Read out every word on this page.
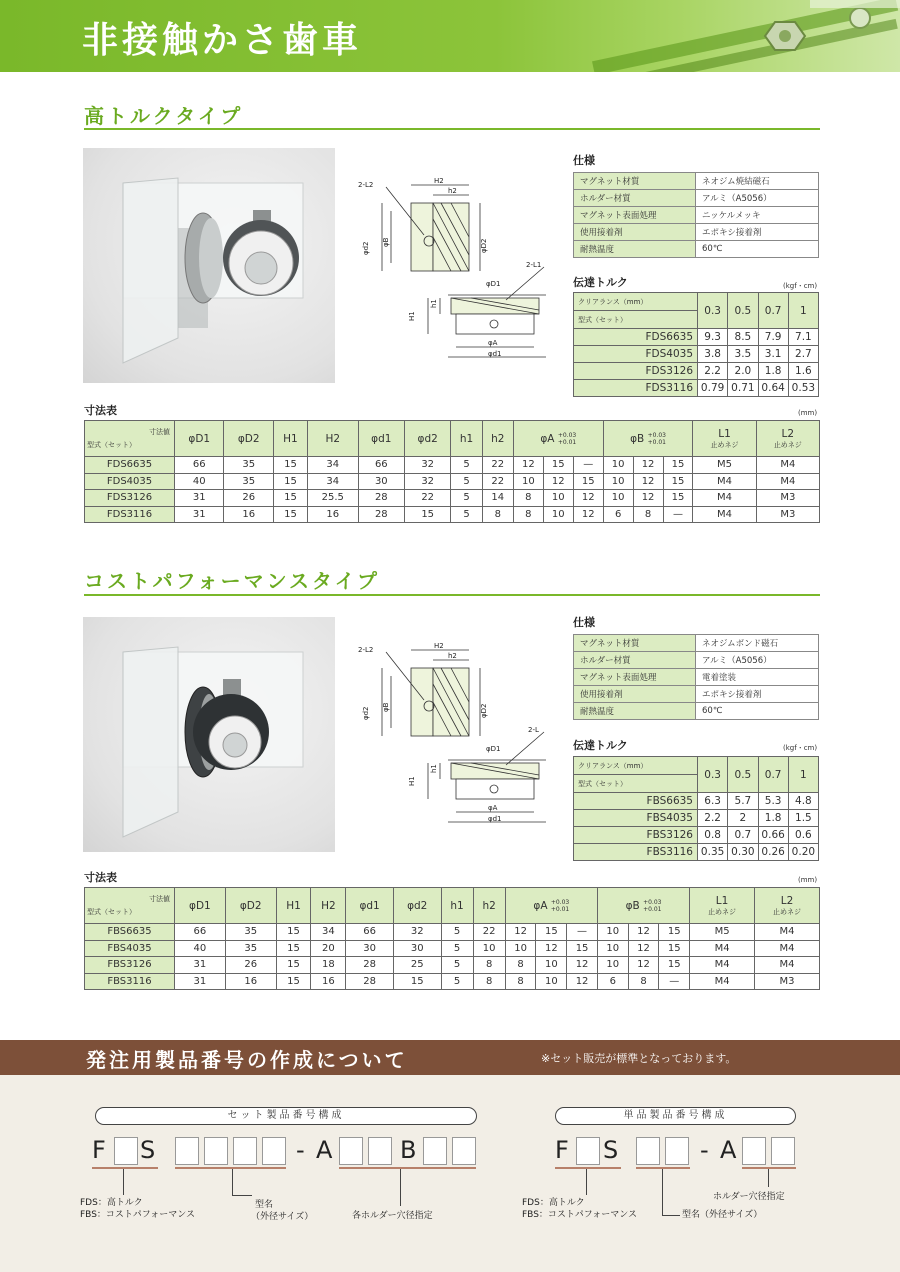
非接触かさ歯車
高トルクタイプ
H2
h2
2-L2
2-L1
φd2 φB	φD2
φD1
H1
h1
φA
φd1
仕様
マグネット材質	ネオジム焼結磁石
ホルダー材質	アルミ（A5056）
マグネット表面処理	ニッケルメッキ
使用接着剤	エポキシ接着剤
耐熱温度	60℃
伝達トルク	(kgf・cm)
クリアランス（mm）	0.3	0.5	0.7	1
型式（セット）				
FDS6635	9.3	8.5	7.9	7.1
FDS4035	3.8	3.5	3.1	2.7
FDS3126	2.2	2.0	1.8	1.6
FDS3116	0.79	0.71	0.64	0.53
寸法表	(mm)
寸法値
型式（セット）	φD1	φD2	H1	H2	φd1	φd2	h1	h2	φA +0.03
+0.01			φB +0.03
+0.01			L1
止めネジ	L2
止めネジ

FDS6635	66	35	15	34	66	32	5	22	12	15	—	10	12	15	M5	M4
FDS4035	40	35	15	34	30	32	5	22	10	12	15	10	12	15	M4	M4
FDS3126	31	26	15	25.5	28	22	5	14	8	10	12	10	12	15	M4	M3
FDS3116	31	16	15	16	28	15	5	8	8	10	12	6	8	—	M4	M3
コストパフォーマンスタイプ
H2
h2
2-L2
2-L
φd2 φB	φD2
φD1
H1
h1
φA
φd1
仕様
マグネット材質	ネオジムボンド磁石
ホルダー材質	アルミ（A5056）
マグネット表面処理	電着塗装
使用接着剤	エポキシ接着剤
耐熱温度	60℃
伝達トルク	(kgf・cm)
クリアランス（mm）	0.3	0.5	0.7	1
型式（セット）				
FBS6635	6.3	5.7	5.3	4.8
FBS4035	2.2	2	1.8	1.5
FBS3126	0.8	0.7	0.66	0.6
FBS3116	0.35	0.30	0.26	0.20
寸法表	(mm)
寸法値
型式（セット）	φD1	φD2	H1	H2	φd1	φd2	h1	h2	φA +0.03
+0.01			φB +0.03
+0.01			L1
止めネジ	L2
止めネジ

FBS6635	66	35	15	34	66	32	5	22	12	15	—	10	12	15	M5	M4
FBS4035	40	35	15	20	30	30	5	10	10	12	15	10	12	15	M4	M4
FBS3126	31	26	15	18	28	25	5	8	8	10	12	10	12	15	M4	M4
FBS3116	31	16	15	16	28	15	5	8	8	10	12	6	8	—	M4	M3
発注用製品番号の作成について	※セット販売が標準となっております。
セット製品番号構成
F S	- A	B
FDS：高トルク
FBS：コストパフォーマンス
型名
（外径サイズ）	各ホルダー穴径指定
単品製品番号構成
F S	- A
FDS：高トルク
FBS：コストパフォーマンス
ホルダー穴径指定
型名（外径サイズ）
